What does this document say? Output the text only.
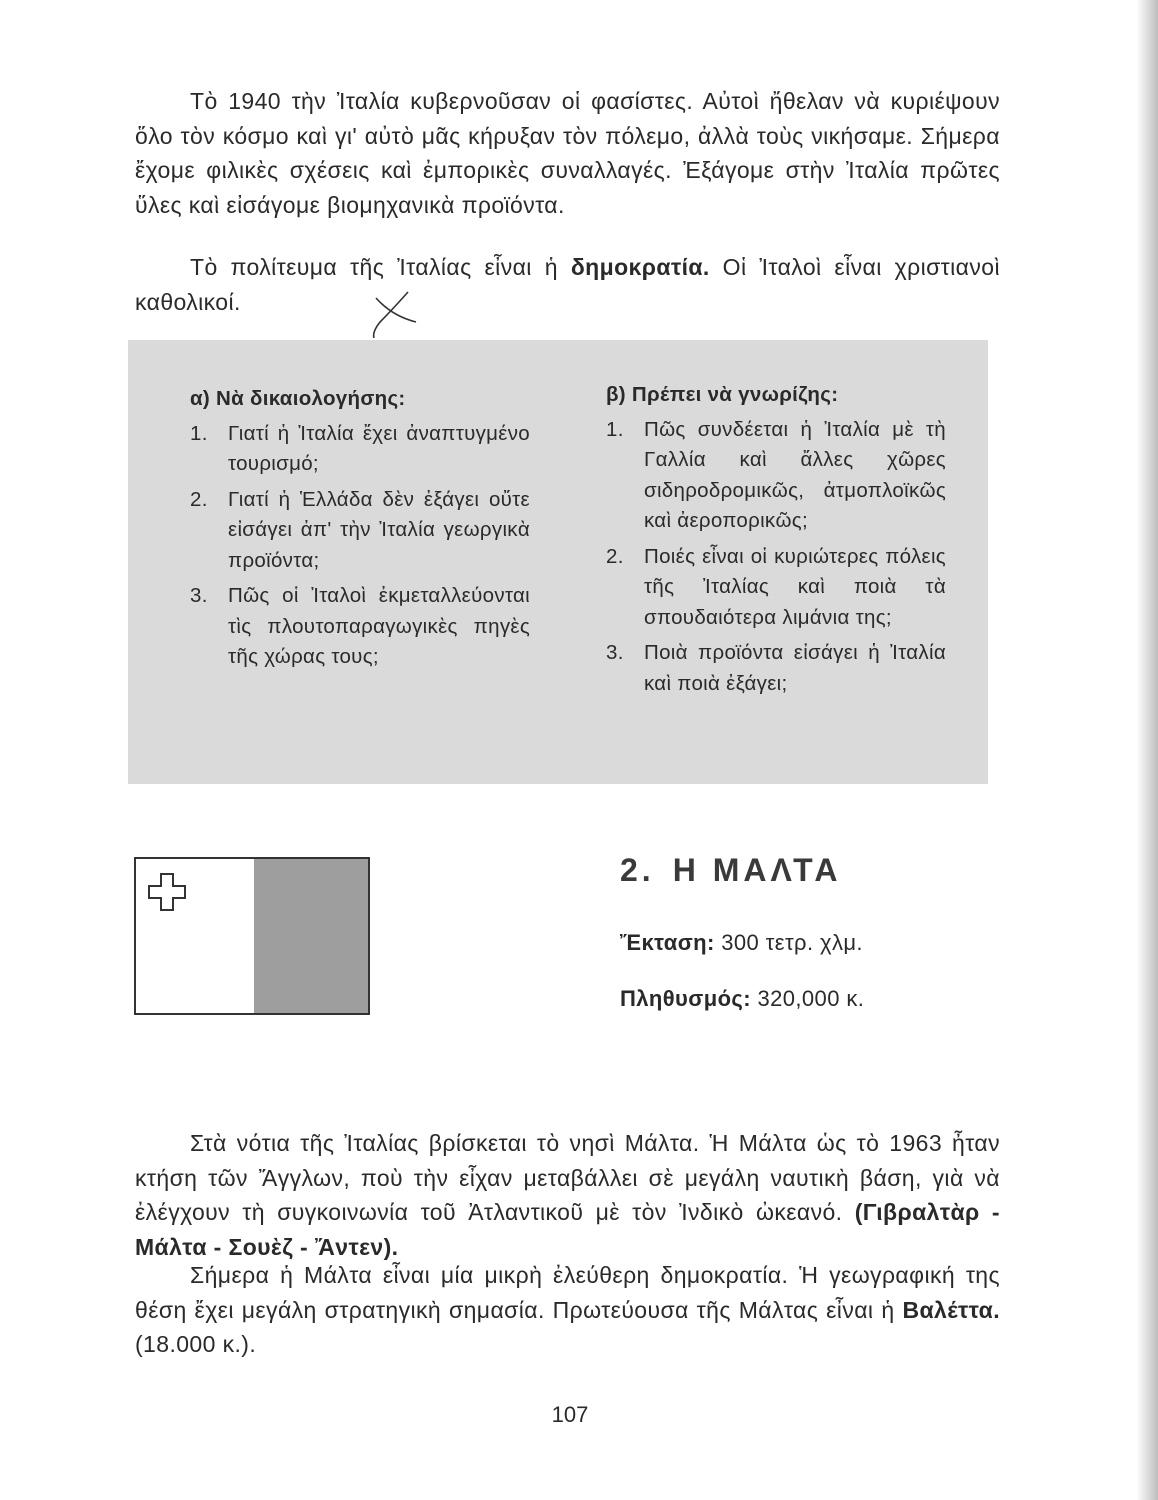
Τὸ 1940 τὴν Ἰταλία κυβερνοῦσαν οἱ φασίστες. Αὐτοὶ ἤθελαν νὰ κυριέψουν ὅλο τὸν κόσμο καὶ γι' αὐτὸ μᾶς κήρυξαν τὸν πόλεμο, ἀλλὰ τοὺς νικήσαμε. Σήμερα ἔχομε φιλικὲς σχέσεις καὶ ἐμπορικὲς συναλλαγές. Ἐξάγομε στὴν Ἰταλία πρῶτες ὕλες καὶ εἰσάγομε βιομηχανικὰ προϊόντα.

Τὸ πολίτευμα τῆς Ἰταλίας εἶναι ἡ δημοκρατία. Οἱ Ἰταλοὶ εἶναι χριστιανοὶ καθολικοί.

α) Νὰ δικαιολογήσης:
1. Γιατί ἡ Ἰταλία ἔχει ἀναπτυγμένο τουρισμό;
2. Γιατί ἡ Ἑλλάδα δὲν ἐξάγει οὔτε εἰσάγει ἀπ' τὴν Ἰταλία γεωργικὰ προϊόντα;
3. Πῶς οἱ Ἰταλοὶ ἐκμεταλλεύονται τὶς πλουτοπαραγωγικὲς πηγὲς τῆς χώρας τους;
β) Πρέπει νὰ γνωρίζης:
1. Πῶς συνδέεται ἡ Ἰταλία μὲ τὴ Γαλλία καὶ ἄλλες χῶρες σιδηροδρομικῶς, ἀτμοπλοϊκῶς καὶ ἀεροπορικῶς;
2. Ποιές εἶναι οἱ κυριώτερες πόλεις τῆς Ἰταλίας καὶ ποιὰ τὰ σπουδαιότερα λιμάνια της;
3. Ποιὰ προϊόντα εἰσάγει ἡ Ἰταλία καὶ ποιὰ ἐξάγει;
2. Η ΜΑΛΤΑ
Ἔκταση: 300 τετρ. χλμ.
Πληθυσμός: 320,000 κ.

Στὰ νότια τῆς Ἰταλίας βρίσκεται τὸ νησὶ Μάλτα. Ἡ Μάλτα ὡς τὸ 1963 ἦταν κτήση τῶν Ἄγγλων, ποὺ τὴν εἶχαν μεταβάλλει σὲ μεγάλη ναυτικὴ βάση, γιὰ νὰ ἐλέγχουν τὴ συγκοινωνία τοῦ Ἀτλαντικοῦ μὲ τὸν Ἰνδικὸ ὠκεανό. (Γιβραλτὰρ - Μάλτα - Σουὲζ - Ἄντεν).

Σήμερα ἡ Μάλτα εἶναι μία μικρὴ ἐλεύθερη δημοκρατία. Ἡ γεωγραφική της θέση ἔχει μεγάλη στρατηγικὴ σημασία. Πρωτεύουσα τῆς Μάλτας εἶναι ἡ Βαλέττα. (18.000 κ.).

107
